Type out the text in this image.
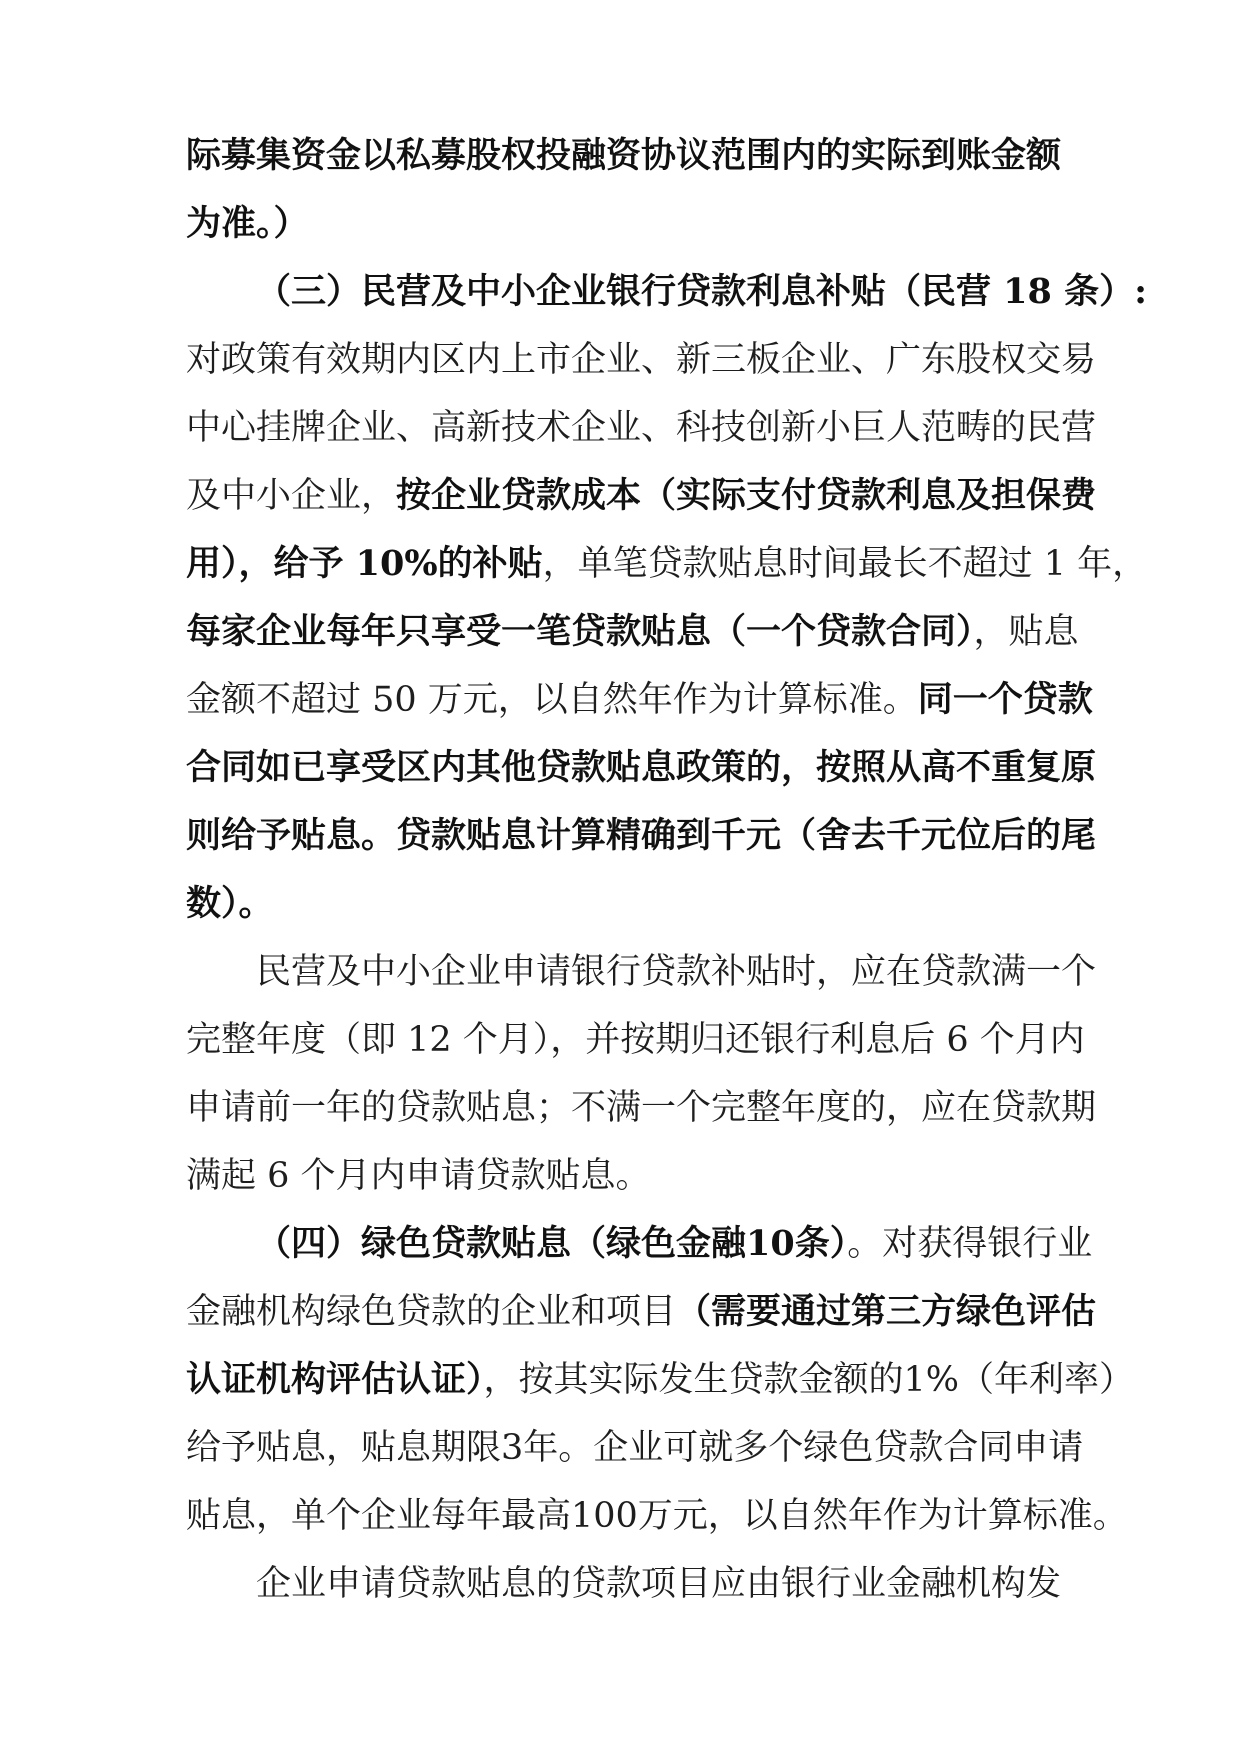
际募集资金以私募股权投融资协议范围内的实际到账金额
为准。）
（三）民营及中小企业银行贷款利息补贴（民营 18 条）:
对政策有效期内区内上市企业、新三板企业、广东股权交易
中心挂牌企业、高新技术企业、科技创新小巨人范畴的民营
及中小企业，按企业贷款成本（实际支付贷款利息及担保费
用），给予 10%的补贴，单笔贷款贴息时间最长不超过 1 年，
每家企业每年只享受一笔贷款贴息（一个贷款合同），贴息
金额不超过 50 万元，以自然年作为计算标准。同一个贷款
合同如已享受区内其他贷款贴息政策的，按照从高不重复原
则给予贴息。贷款贴息计算精确到千元（舍去千元位后的尾
数）。
民营及中小企业申请银行贷款补贴时，应在贷款满一个
完整年度（即 12 个月），并按期归还银行利息后 6 个月内
申请前一年的贷款贴息；不满一个完整年度的，应在贷款期
满起 6 个月内申请贷款贴息。
（四）绿色贷款贴息（绿色金融10条）。对获得银行业
金融机构绿色贷款的企业和项目（需要通过第三方绿色评估
认证机构评估认证），按其实际发生贷款金额的1%（年利率）
给予贴息，贴息期限3年。企业可就多个绿色贷款合同申请
贴息，单个企业每年最高100万元，以自然年作为计算标准。
企业申请贷款贴息的贷款项目应由银行业金融机构发
